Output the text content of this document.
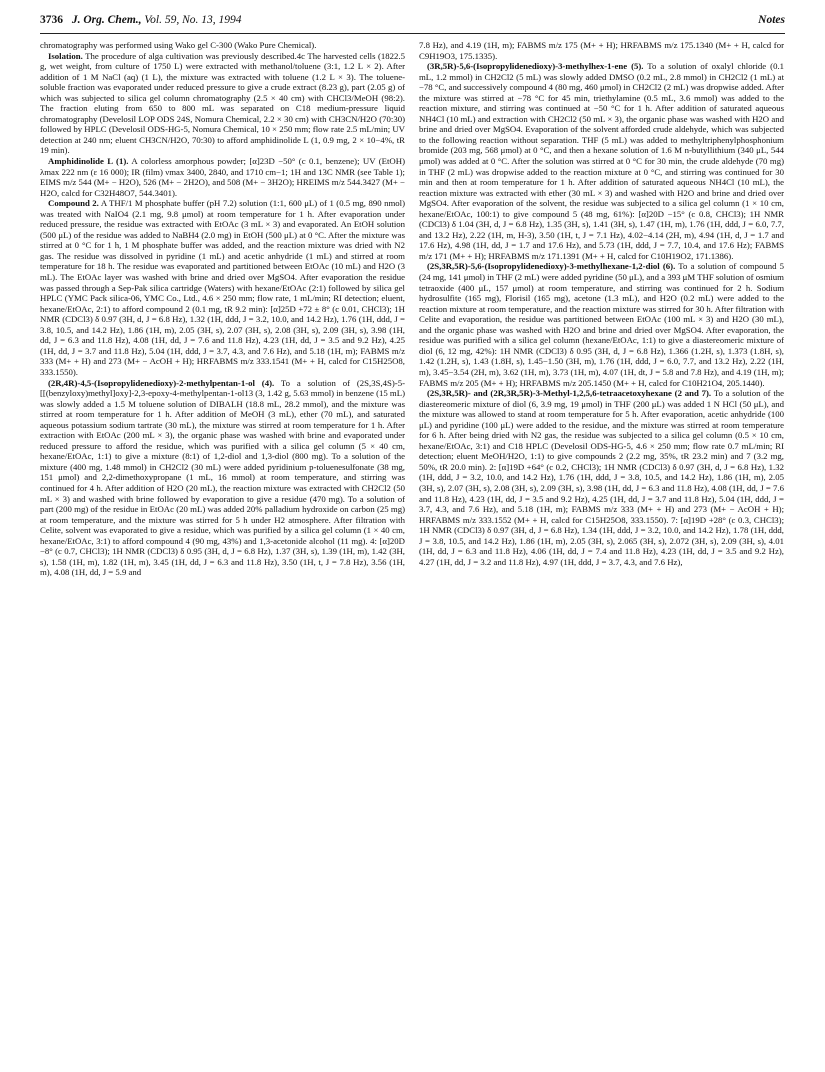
3736 J. Org. Chem., Vol. 59, No. 13, 1994	Notes

chromatography was performed using Wako gel C-300 (Wako Pure Chemical).

Isolation. The procedure of alga cultivation was previously described.4c The harvested cells (1822.5 g, wet weight, from culture of 1750 L) were extracted with methanol/toluene (3:1, 1.2 L × 2). After addition of 1 M NaCl (aq) (1 L), the mixture was extracted with toluene (1.2 L × 3). The toluene-soluble fraction was evaporated under reduced pressure to give a crude extract (8.23 g), part (2.05 g) of which was subjected to silica gel column chromatography (2.5 × 40 cm) with CHCl3/MeOH (98:2). The fraction eluting from 650 to 800 mL was separated on C18 medium-pressure liquid chromatography (Develosil LOP ODS 24S, Nomura Chemical, 2.2 × 30 cm) with CH3CN/H2O (70:30) followed by HPLC (Develosil ODS-HG-5, Nomura Chemical, 10 × 250 mm; flow rate 2.5 mL/min; UV detection at 240 nm; eluent CH3CN/H2O, 70:30) to afford amphidinolide L (1, 0.9 mg, 2 × 10−4%, tR 19 min).

Amphidinolide L (1). A colorless amorphous powder; [α]23D −50° (c 0.1, benzene); UV (EtOH) λmax 222 nm (ε 16 000); IR (film) νmax 3400, 2840, and 1710 cm−1; 1H and 13C NMR (see Table 1); EIMS m/z 544 (M+ − H2O), 526 (M+ − 2H2O), and 508 (M+ − 3H2O); HREIMS m/z 544.3427 (M+ − H2O, calcd for C32H48O7, 544.3401).

Compound 2. A THF/1 M phosphate buffer (pH 7.2) solution (1:1, 600 μL) of 1 (0.5 mg, 890 nmol) was treated with NaIO4 (2.1 mg, 9.8 μmol) at room temperature for 1 h. After evaporation under reduced pressure, the residue was extracted with EtOAc (3 mL × 3) and evaporated. An EtOH solution (500 μL) of the residue was added to NaBH4 (2.0 mg) in EtOH (500 μL) at 0 °C. After the mixture was stirred at 0 °C for 1 h, 1 M phosphate buffer was added, and the reaction mixture was dried with N2 gas. The residue was dissolved in pyridine (1 mL) and acetic anhydride (1 mL) and stirred at room temperature for 18 h. The residue was evaporated and partitioned between EtOAc (10 mL) and H2O (3 mL). The EtOAc layer was washed with brine and dried over MgSO4. After evaporation the residue was passed through a Sep-Pak silica cartridge (Waters) with hexane/EtOAc (2:1) followed by silica gel HPLC (YMC Pack silica-06, YMC Co., Ltd., 4.6 × 250 mm; flow rate, 1 mL/min; RI detection; eluent, hexane/EtOAc, 2:1) to afford compound 2 (0.1 mg, tR 9.2 min): [α]25D +72 ± 8° (c 0.01, CHCl3); 1H NMR (CDCl3) δ 0.97 (3H, d, J = 6.8 Hz), 1.32 (1H, ddd, J = 3.2, 10.0, and 14.2 Hz), 1.76 (1H, ddd, J = 3.8, 10.5, and 14.2 Hz), 1.86 (1H, m), 2.05 (3H, s), 2.07 (3H, s), 2.08 (3H, s), 2.09 (3H, s), 3.98 (1H, dd, J = 6.3 and 11.8 Hz), 4.08 (1H, dd, J = 7.6 and 11.8 Hz), 4.23 (1H, dd, J = 3.5 and 9.2 Hz), 4.25 (1H, dd, J = 3.7 and 11.8 Hz), 5.04 (1H, ddd, J = 3.7, 4.3, and 7.6 Hz), and 5.18 (1H, m); FABMS m/z 333 (M+ + H) and 273 (M+ − AcOH + H); HRFABMS m/z 333.1541 (M+ + H, calcd for C15H25O8, 333.1550).

(2R,4R)-4,5-(Isopropylidenedioxy)-2-methylpentan-1-ol (4). To a solution of (2S,3S,4S)-5-[[(benzyloxy)methyl]oxy]-2,3-epoxy-4-methylpentan-1-ol13 (3, 1.42 g, 5.63 mmol) in benzene (15 mL) was slowly added a 1.5 M toluene solution of DIBALH (18.8 mL, 28.2 mmol), and the mixture was stirred at room temperature for 1 h. After addition of MeOH (3 mL), ether (70 mL), and saturated aqueous potassium sodium tartrate (30 mL), the mixture was stirred at room temperature for 1 h. After extraction with EtOAc (200 mL × 3), the organic phase was washed with brine and evaporated under reduced pressure to afford the residue, which was purified with a silica gel column (5 × 40 cm, hexane/EtOAc, 1:1) to give a mixture (8:1) of 1,2-diol and 1,3-diol (800 mg). To a solution of the mixture (400 mg, 1.48 mmol) in CH2Cl2 (30 mL) were added pyridinium p-toluenesulfonate (38 mg, 151 μmol) and 2,2-dimethoxypropane (1 mL, 16 mmol) at room temperature, and stirring was continued for 4 h. After addition of H2O (20 mL), the reaction mixture was extracted with CH2Cl2 (50 mL × 3) and washed with brine followed by evaporation to give a residue (470 mg). To a solution of part (200 mg) of the residue in EtOAc (20 mL) was added 20% palladium hydroxide on carbon (25 mg) at room temperature, and the mixture was stirred for 5 h under H2 atmosphere. After filtration with Celite, solvent was evaporated to give a residue, which was purified by a silica gel column (1 × 40 cm, hexane/EtOAc, 3:1) to afford compound 4 (90 mg, 43%) and 1,3-acetonide alcohol (11 mg). 4: [α]20D −8° (c 0.7, CHCl3); 1H NMR (CDCl3) δ 0.95 (3H, d, J = 6.8 Hz), 1.37 (3H, s), 1.39 (1H, m), 1.42 (3H, s), 1.58 (1H, m), 1.82 (1H, m), 3.45 (1H, dd, J = 6.3 and 11.8 Hz), 3.50 (1H, t, J = 7.8 Hz), 3.56 (1H, m), 4.08 (1H, dd, J = 5.9 and

7.8 Hz), and 4.19 (1H, m); FABMS m/z 175 (M+ + H); HRFABMS m/z 175.1340 (M+ + H, calcd for C9H19O3, 175.1335).

(3R,5R)-5,6-(Isopropylidenedioxy)-3-methylhex-1-ene (5). To a solution of oxalyl chloride (0.1 mL, 1.2 mmol) in CH2Cl2 (5 mL) was slowly added DMSO (0.2 mL, 2.8 mmol) in CH2Cl2 (1 mL) at −78 °C, and successively compound 4 (80 mg, 460 μmol) in CH2Cl2 (2 mL) was dropwise added. After the mixture was stirred at −78 °C for 45 min, triethylamine (0.5 mL, 3.6 mmol) was added to the reaction mixture, and stirring was continued at −50 °C for 1 h. After addition of saturated aqueous NH4Cl (10 mL) and extraction with CH2Cl2 (50 mL × 3), the organic phase was washed with H2O and brine and dried over MgSO4. Evaporation of the solvent afforded crude aldehyde, which was subjected to the following reaction without separation. THF (5 mL) was added to methyltriphenylphosphonium bromide (203 mg, 568 μmol) at 0 °C, and then a hexane solution of 1.6 M n-butyllithium (340 μL, 544 μmol) was added at 0 °C. After the solution was stirred at 0 °C for 30 min, the crude aldehyde (70 mg) in THF (2 mL) was dropwise added to the reaction mixture at 0 °C, and stirring was continued for 30 min and then at room temperature for 1 h. After addition of saturated aqueous NH4Cl (10 mL), the reaction mixture was extracted with ether (30 mL × 3) and washed with H2O and brine and dried over MgSO4. After evaporation of the solvent, the residue was subjected to a silica gel column (1 × 10 cm, hexane/EtOAc, 100:1) to give compound 5 (48 mg, 61%): [α]20D −15° (c 0.8, CHCl3); 1H NMR (CDCl3) δ 1.04 (3H, d, J = 6.8 Hz), 1.35 (3H, s), 1.41 (3H, s), 1.47 (1H, m), 1.76 (1H, ddd, J = 6.0, 7.7, and 13.2 Hz), 2.22 (1H, m, H-3), 3.50 (1H, t, J = 7.1 Hz), 4.02−4.14 (2H, m), 4.94 (1H, d, J = 1.7 and 17.6 Hz), 4.98 (1H, dd, J = 1.7 and 17.6 Hz), and 5.73 (1H, ddd, J = 7.7, 10.4, and 17.6 Hz); FABMS m/z 171 (M+ + H); HRFABMS m/z 171.1391 (M+ + H, calcd for C10H19O2, 171.1386).

(2S,3R,5R)-5,6-(Isopropylidenedioxy)-3-methylhexane-1,2-diol (6). To a solution of compound 5 (24 mg, 141 μmol) in THF (2 mL) were added pyridine (50 μL), and a 393 μM THF solution of osmium tetraoxide (400 μL, 157 μmol) at room temperature, and stirring was continued for 2 h. Sodium hydrosulfite (165 mg), Florisil (165 mg), acetone (1.3 mL), and H2O (0.2 mL) were added to the reaction mixture at room temperature, and the reaction mixture was stirred for 30 h. After filtration with Celite and evaporation, the residue was partitioned between EtOAc (100 mL × 3) and H2O (30 mL), and the organic phase was washed with H2O and brine and dried over MgSO4. After evaporation, the residue was purified with a silica gel column (hexane/EtOAc, 1:1) to give a diastereomeric mixture of diol (6, 12 mg, 42%): 1H NMR (CDCl3) δ 0.95 (3H, d, J = 6.8 Hz), 1.366 (1.2H, s), 1.373 (1.8H, s), 1.42 (1.2H, s), 1.43 (1.8H, s), 1.45−1.50 (3H, m), 1.76 (1H, ddd, J = 6.0, 7.7, and 13.2 Hz), 2.22 (1H, m), 3.45−3.54 (2H, m), 3.62 (1H, m), 3.73 (1H, m), 4.07 (1H, dt, J = 5.8 and 7.8 Hz), and 4.19 (1H, m); FABMS m/z 205 (M+ + H); HRFABMS m/z 205.1450 (M+ + H, calcd for C10H21O4, 205.1440).

(2S,3R,5R)- and (2R,3R,5R)-3-Methyl-1,2,5,6-tetraacetoxyhexane (2 and 7). To a solution of the diastereomeric mixture of diol (6, 3.9 mg, 19 μmol) in THF (200 μL) was added 1 N HCl (50 μL), and the mixture was allowed to stand at room temperature for 5 h. After evaporation, acetic anhydride (100 μL) and pyridine (100 μL) were added to the residue, and the mixture was stirred at room temperature for 6 h. After being dried with N2 gas, the residue was subjected to a silica gel column (0.5 × 10 cm, hexane/EtOAc, 3:1) and C18 HPLC (Develosil ODS-HG-5, 4.6 × 250 mm; flow rate 0.7 mL/min; RI detection; eluent MeOH/H2O, 1:1) to give compounds 2 (2.2 mg, 35%, tR 23.2 min) and 7 (3.2 mg, 50%, tR 20.0 min). 2: [α]19D +64° (c 0.2, CHCl3); 1H NMR (CDCl3) δ 0.97 (3H, d, J = 6.8 Hz), 1.32 (1H, ddd, J = 3.2, 10.0, and 14.2 Hz), 1.76 (1H, ddd, J = 3.8, 10.5, and 14.2 Hz), 1.86 (1H, m), 2.05 (3H, s), 2.07 (3H, s), 2.08 (3H, s), 2.09 (3H, s), 3.98 (1H, dd, J = 6.3 and 11.8 Hz), 4.08 (1H, dd, J = 7.6 and 11.8 Hz), 4.23 (1H, dd, J = 3.5 and 9.2 Hz), 4.25 (1H, dd, J = 3.7 and 11.8 Hz), 5.04 (1H, ddd, J = 3.7, 4.3, and 7.6 Hz), and 5.18 (1H, m); FABMS m/z 333 (M+ + H) and 273 (M+ − AcOH + H); HRFABMS m/z 333.1552 (M+ + H, calcd for C15H25O8, 333.1550). 7: [α]19D +28° (c 0.3, CHCl3); 1H NMR (CDCl3) δ 0.97 (3H, d, J = 6.8 Hz), 1.34 (1H, ddd, J = 3.2, 10.0, and 14.2 Hz), 1.78 (1H, ddd, J = 3.8, 10.5, and 14.2 Hz), 1.86 (1H, m), 2.05 (3H, s), 2.065 (3H, s), 2.072 (3H, s), 2.09 (3H, s), 4.01 (1H, dd, J = 6.3 and 11.8 Hz), 4.06 (1H, dd, J = 7.4 and 11.8 Hz), 4.23 (1H, dd, J = 3.5 and 9.2 Hz), 4.27 (1H, dd, J = 3.2 and 11.8 Hz), 4.97 (1H, ddd, J = 3.7, 4.3, and 7.6 Hz),
